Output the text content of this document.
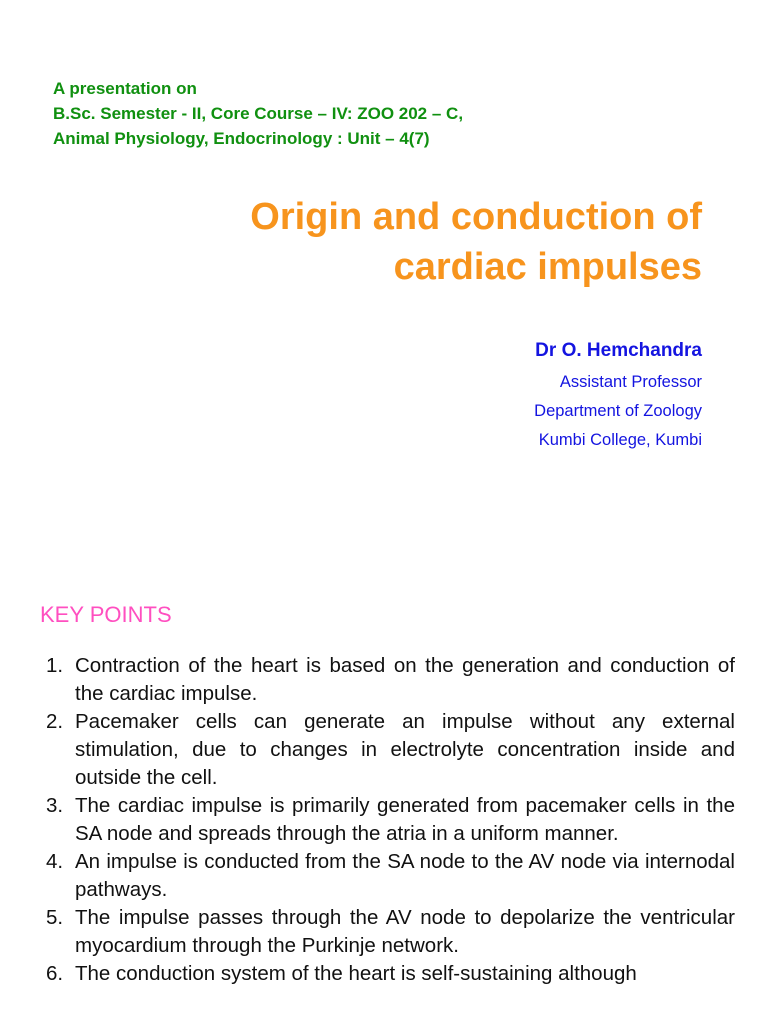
A presentation on
B.Sc. Semester - II, Core Course – IV: ZOO 202 – C,
Animal Physiology, Endocrinology : Unit – 4(7)
Origin and conduction of
cardiac impulses
Dr O. Hemchandra
Assistant Professor
Department of Zoology
Kumbi College, Kumbi
KEY POINTS
1. Contraction of the heart is based on the generation and conduction of the cardiac impulse.
2. Pacemaker cells can generate an impulse without any external stimulation, due to changes in electrolyte concentration inside and outside the cell.
3. The cardiac impulse is primarily generated from pacemaker cells in the SA node and spreads through the atria in a uniform manner.
4. An impulse is conducted from the SA node to the AV node via internodal pathways.
5. The impulse passes through the AV node to depolarize the ventricular myocardium through the Purkinje network.
6. The conduction system of the heart is self-sustaining although
